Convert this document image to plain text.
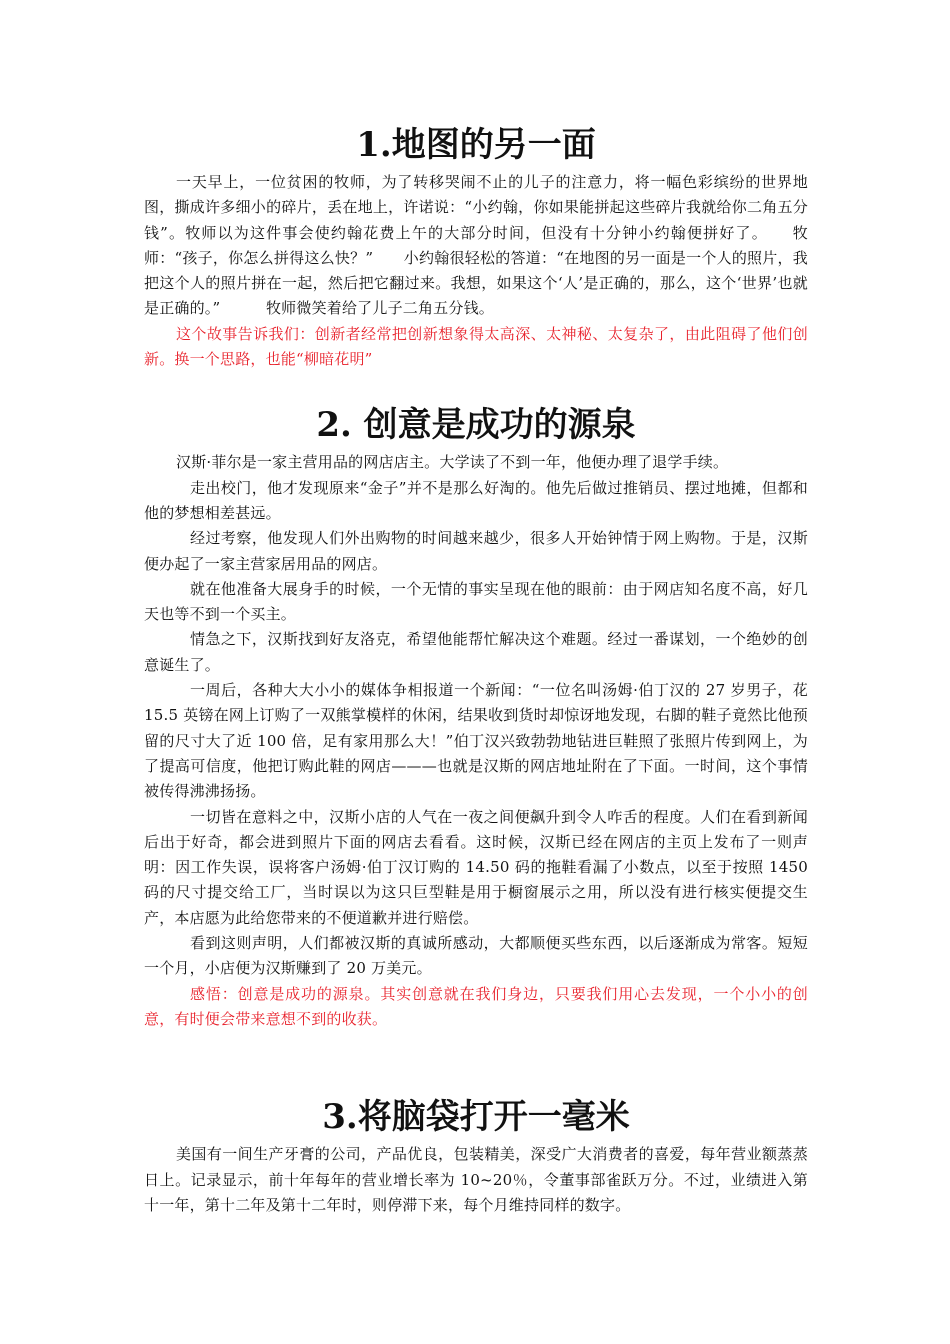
1.地图的另一面

一天早上，一位贫困的牧师，为了转移哭闹不止的儿子的注意力，将一幅色彩缤纷的世界地图，撕成许多细小的碎片，丢在地上，许诺说：“小约翰，你如果能拼起这些碎片我就给你二角五分钱”。牧师以为这件事会使约翰花费上午的大部分时间，但没有十分钟小约翰便拼好了。　　牧师：“孩子，你怎么拼得这么快？”　　小约翰很轻松的答道：“在地图的另一面是一个人的照片，我把这个人的照片拼在一起，然后把它翻过来。我想，如果这个‘人’是正确的，那么，这个‘世界’也就是正确的。”　　　牧师微笑着给了儿子二角五分钱。

这个故事告诉我们：创新者经常把创新想象得太高深、太神秘、太复杂了，由此阻碍了他们创新。换一个思路，也能“柳暗花明”

2. 创意是成功的源泉

汉斯·菲尔是一家主营用品的网店店主。大学读了不到一年，他便办理了退学手续。

走出校门，他才发现原来“金子”并不是那么好淘的。他先后做过推销员、摆过地摊，但都和他的梦想相差甚远。

经过考察，他发现人们外出购物的时间越来越少，很多人开始钟情于网上购物。于是，汉斯便办起了一家主营家居用品的网店。

就在他准备大展身手的时候，一个无情的事实呈现在他的眼前：由于网店知名度不高，好几天也等不到一个买主。

情急之下，汉斯找到好友洛克，希望他能帮忙解决这个难题。经过一番谋划，一个绝妙的创意诞生了。

一周后，各种大大小小的媒体争相报道一个新闻：“一位名叫汤姆·伯丁汉的 27 岁男子，花 15.5 英镑在网上订购了一双熊掌模样的休闲，结果收到货时却惊讶地发现，右脚的鞋子竟然比他预留的尺寸大了近 100 倍，足有家用那么大！”伯丁汉兴致勃勃地钻进巨鞋照了张照片传到网上，为了提高可信度，他把订购此鞋的网店———也就是汉斯的网店地址附在了下面。一时间，这个事情被传得沸沸扬扬。

一切皆在意料之中，汉斯小店的人气在一夜之间便飙升到令人咋舌的程度。人们在看到新闻后出于好奇，都会进到照片下面的网店去看看。这时候，汉斯已经在网店的主页上发布了一则声明：因工作失误，误将客户汤姆·伯丁汉订购的 14.50 码的拖鞋看漏了小数点，以至于按照 1450 码的尺寸提交给工厂，当时误以为这只巨型鞋是用于橱窗展示之用，所以没有进行核实便提交生产，本店愿为此给您带来的不便道歉并进行赔偿。

看到这则声明，人们都被汉斯的真诚所感动，大都顺便买些东西，以后逐渐成为常客。短短一个月，小店便为汉斯赚到了 20 万美元。

感悟：创意是成功的源泉。其实创意就在我们身边，只要我们用心去发现，一个小小的创意，有时便会带来意想不到的收获。

3.将脑袋打开一毫米

美国有一间生产牙膏的公司，产品优良，包装精美，深受广大消费者的喜爱，每年营业额蒸蒸日上。记录显示，前十年每年的营业增长率为 10~20％，令董事部雀跃万分。不过，业绩进入第十一年，第十二年及第十二年时，则停滞下来，每个月维持同样的数字。
